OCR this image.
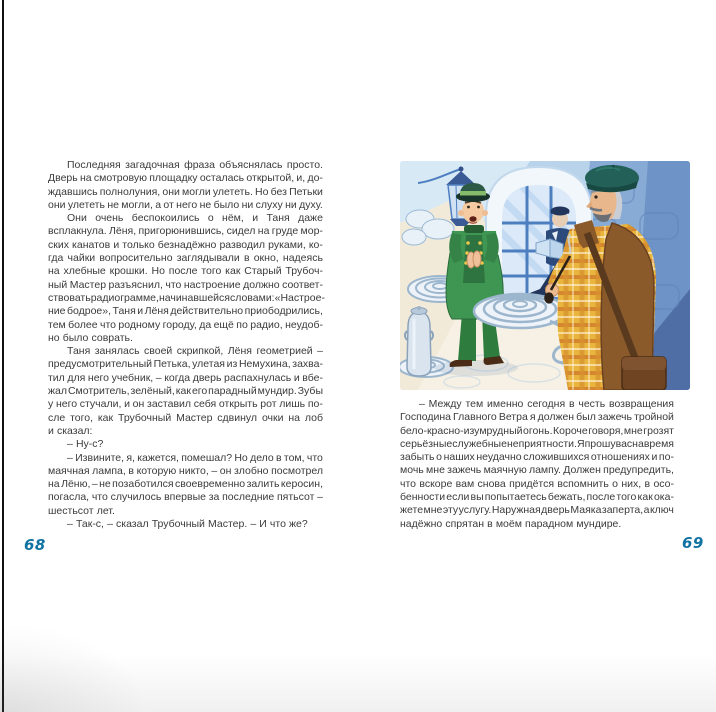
Последняя загадочная фраза объяснялась просто.
Дверь на смотровую площадку осталась открытой, и, до-
ждавшись полнолуния, они могли улететь. Но без Петьки
они улететь не могли, а от него не было ни слуху ни духу.
Они очень беспокоились о нём, и Таня даже
всплакнула. Лёня, пригорюнившись, сидел на груде мор-
ских канатов и только безнадёжно разводил руками, ко-
гда чайки вопросительно заглядывали в окно, надеясь
на хлебные крошки. Но после того как Старый Трубоч-
ный Мастер разъяснил, что настроение должно соответ-
ствовать радиограмме, начинавшейся словами: «Настрое-
ние бодрое», Таня и Лёня действительно приободрились,
тем более что родному городу, да ещё по радио, неудоб-
но было соврать.
Таня занялась своей скрипкой, Лёня геометрией –
предусмотрительный Петька, улетая из Немухина, захва-
тил для него учебник, – когда дверь распахнулась и вбе-
жал Смотритель, зелёный, как его парадный мундир. Зубы
у него стучали, и он заставил себя открыть рот лишь по-
сле того, как Трубочный Мастер сдвинул очки на лоб
и сказал:
– Ну-с?
– Извините, я, кажется, помешал? Но дело в том, что
маячная лампа, в которую никто, – он злобно посмотрел
на Лёню, – не позаботился своевременно залить керосин,
погасла, что случилось впервые за последние пятьсот –
шестьсот лет.
– Так-с, – сказал Трубочный Мастер. – И что же?
68
– Между тем именно сегодня в честь возвращения
Господина Главного Ветра я должен был зажечь тройной
бело-красно-изумрудный огонь. Короче говоря, мне грозят
серьёзные служебные неприятности. Я прошу вас на время
забыть о наших неудачно сложившихся отношениях и по-
мочь мне зажечь маячную лампу. Должен предупредить,
что вскоре вам снова придётся вспомнить о них, в осо-
бенности если вы попытаетесь бежать, после того как ока-
жете мне эту услугу. Наружная дверь Маяка заперта, а ключ
надёжно спрятан в моём парадном мундире.
69
